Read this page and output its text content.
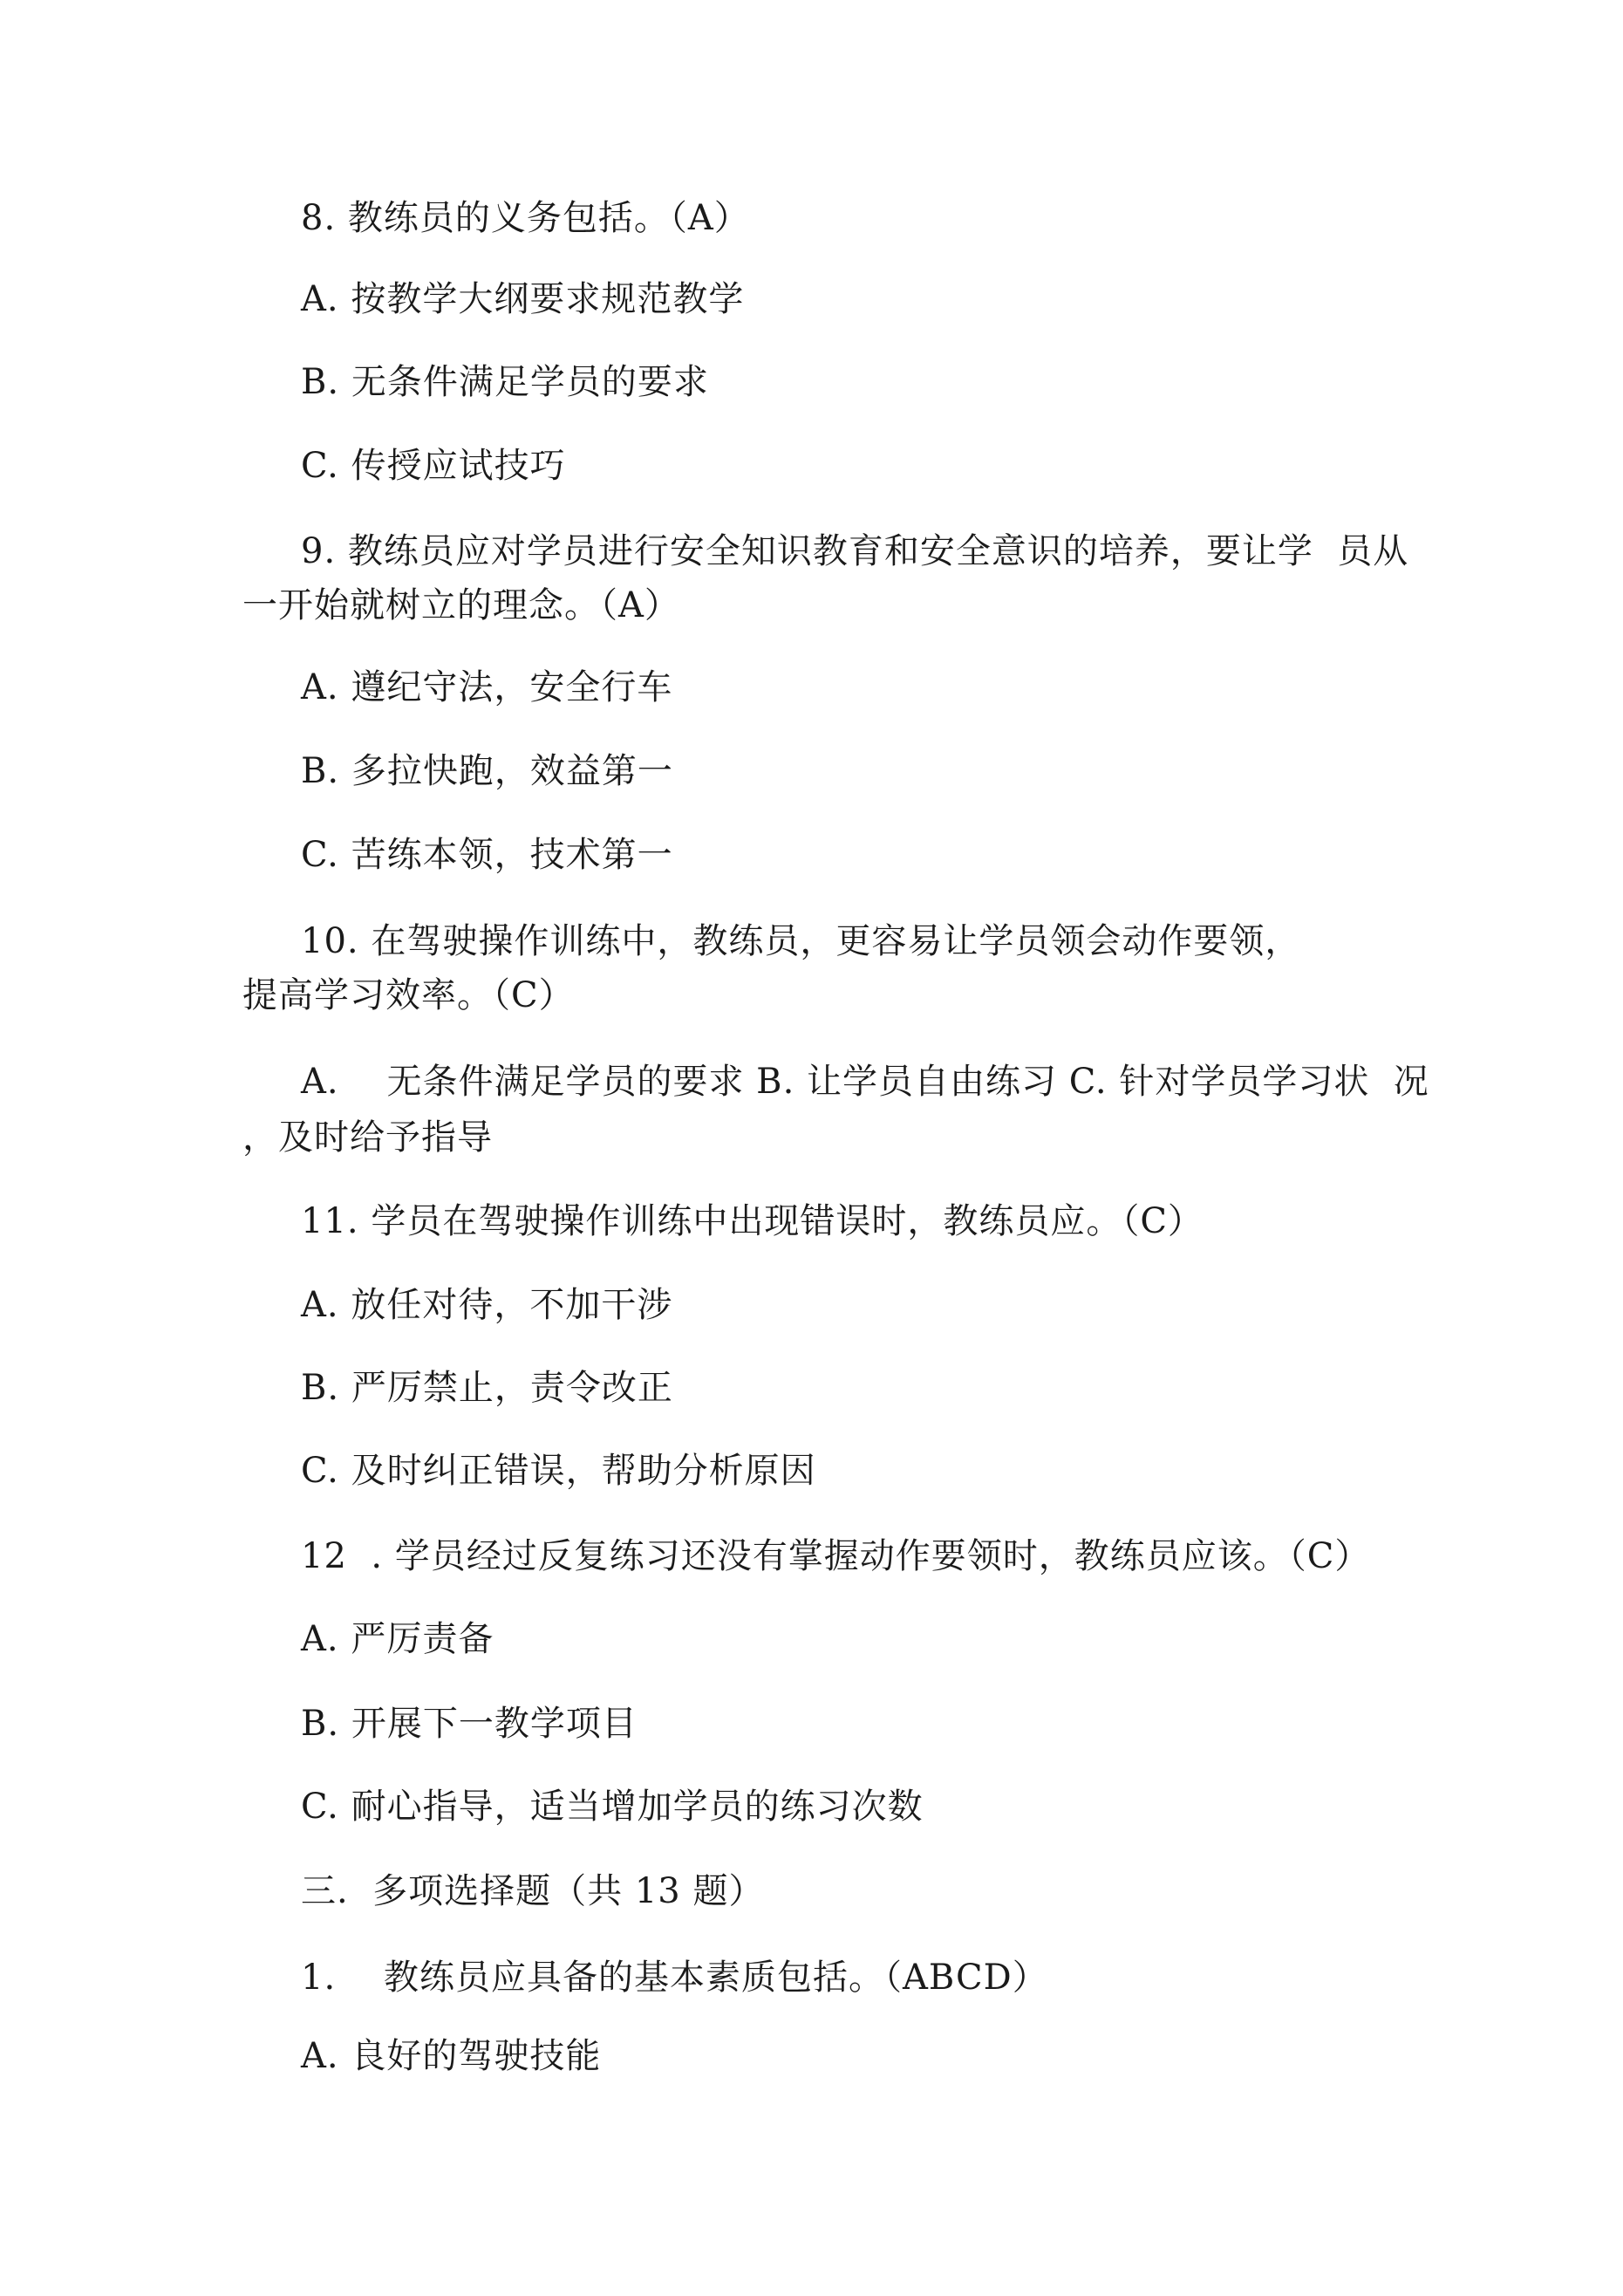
8. 教练员的义务包括。（A）
A. 按教学大纲要求规范教学
B. 无条件满足学员的要求
C. 传授应试技巧
9. 教练员应对学员进行安全知识教育和安全意识的培养，要让学  员从
一开始就树立的理念。（A）
A. 遵纪守法，安全行车
B. 多拉快跑，效益第一
C. 苦练本领，技术第一
10. 在驾驶操作训练中，教练员，更容易让学员领会动作要领，
提高学习效率。（C）
A.    无条件满足学员的要求 B. 让学员自由练习 C. 针对学员学习状  况
，及时给予指导
11. 学员在驾驶操作训练中出现错误时，教练员应。（C）
A. 放任对待，不加干涉
B. 严厉禁止，责令改正
C. 及时纠正错误，帮助分析原因
12  . 学员经过反复练习还没有掌握动作要领时，教练员应该。（C）
A. 严厉责备
B. 开展下一教学项目
C. 耐心指导，适当增加学员的练习次数
三.  多项选择题（共 13 题）
1.    教练员应具备的基本素质包括。（ABCD）
A. 良好的驾驶技能
